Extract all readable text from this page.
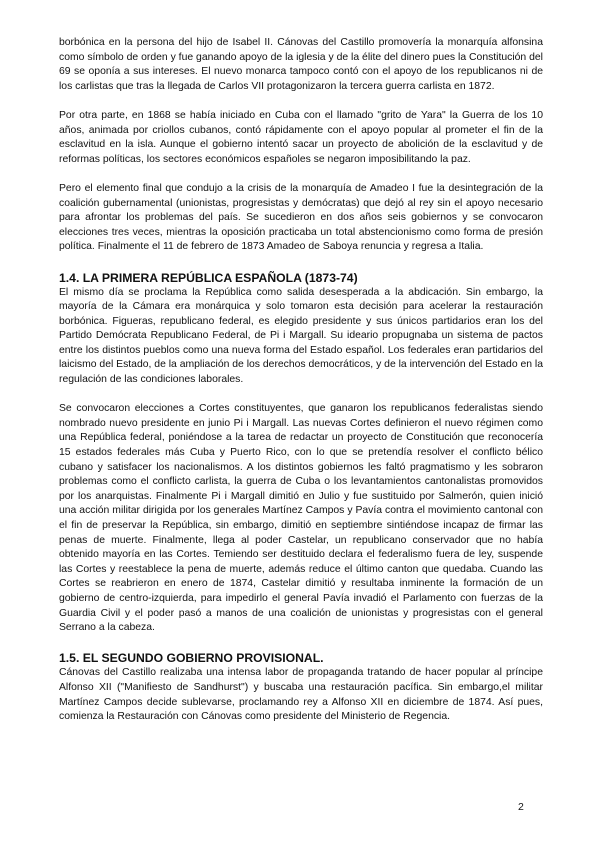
borbónica en la persona del hijo de Isabel II. Cánovas del Castillo promovería la monarquía alfonsina como símbolo de orden y fue ganando apoyo de la iglesia y de la élite del dinero pues la Constitución del 69 se oponía a sus intereses. El nuevo monarca tampoco contó con el apoyo de los republicanos ni de los carlistas que tras la llegada de Carlos VII protagonizaron la tercera guerra carlista en 1872.

Por otra parte, en 1868 se había iniciado en Cuba con el llamado "grito de Yara" la Guerra de los 10 años, animada por criollos cubanos, contó rápidamente con el apoyo popular al prometer el fin de la esclavitud en la isla. Aunque el gobierno intentó sacar un proyecto de abolición de la esclavitud y de reformas políticas, los sectores económicos españoles se negaron imposibilitando la paz.

Pero el elemento final que condujo a la crisis de la monarquía de Amadeo I fue la desintegración de la coalición gubernamental (unionistas, progresistas y demócratas) que dejó al rey sin el apoyo necesario para afrontar los problemas del país. Se sucedieron en dos años seis gobiernos y se convocaron elecciones tres veces, mientras la oposición practicaba un total abstencionismo como forma de presión política. Finalmente el 11 de febrero de 1873 Amadeo de Saboya renuncia y regresa a Italia.

1.4. LA PRIMERA REPÚBLICA ESPAÑOLA (1873-74)

El mismo día se proclama la República como salida desesperada a la abdicación. Sin embargo, la mayoría de la Cámara era monárquica y solo tomaron esta decisión para acelerar la restauración borbónica. Figueras, republicano federal, es elegido presidente y sus únicos partidarios eran los del Partido Demócrata Republicano Federal, de Pi i Margall. Su ideario propugnaba un sistema de pactos entre los distintos pueblos como una nueva forma del Estado español. Los federales eran partidarios del laicismo del Estado, de la ampliación de los derechos democráticos, y de la intervención del Estado en la regulación de las condiciones laborales.

Se convocaron elecciones a Cortes constituyentes, que ganaron los republicanos federalistas siendo nombrado nuevo presidente en junio Pi i Margall. Las nuevas Cortes definieron el nuevo régimen como una República federal, poniéndose a la tarea de redactar un proyecto de Constitución que reconocería 15 estados federales más Cuba y Puerto Rico, con lo que se pretendía resolver el conflicto bélico cubano y satisfacer los nacionalismos. A los distintos gobiernos les faltó pragmatismo y les sobraron problemas como el conflicto carlista, la guerra de Cuba o los levantamientos cantonalistas promovidos por los anarquistas. Finalmente Pi i Margall dimitió en Julio y fue sustituido por Salmerón, quien inició una acción militar dirigida por los generales Martínez Campos y Pavía contra el movimiento cantonal con el fin de preservar la República, sin embargo, dimitió en septiembre sintiéndose incapaz de firmar las penas de muerte. Finalmente, llega al poder Castelar, un republicano conservador que no había obtenido mayoría en las Cortes. Temiendo ser destituido declara el federalismo fuera de ley, suspende las Cortes y reestablece la pena de muerte, además reduce el último canton que quedaba. Cuando las Cortes se reabrieron en enero de 1874, Castelar dimitió y resultaba inminente la formación de un gobierno de centro-izquierda, para impedirlo el general Pavía invadió el Parlamento con fuerzas de la Guardia Civil y el poder pasó a manos de una coalición de unionistas y progresistas con el general Serrano a la cabeza.

1.5. EL SEGUNDO GOBIERNO PROVISIONAL.

Cánovas del Castillo realizaba una intensa labor de propaganda tratando de hacer popular al príncipe Alfonso XII ("Manifiesto de Sandhurst") y buscaba una restauración pacífica. Sin embargo,el militar Martínez Campos decide sublevarse, proclamando rey a Alfonso XII en diciembre de 1874. Así pues, comienza la Restauración con Cánovas como presidente del Ministerio de Regencia.

2
